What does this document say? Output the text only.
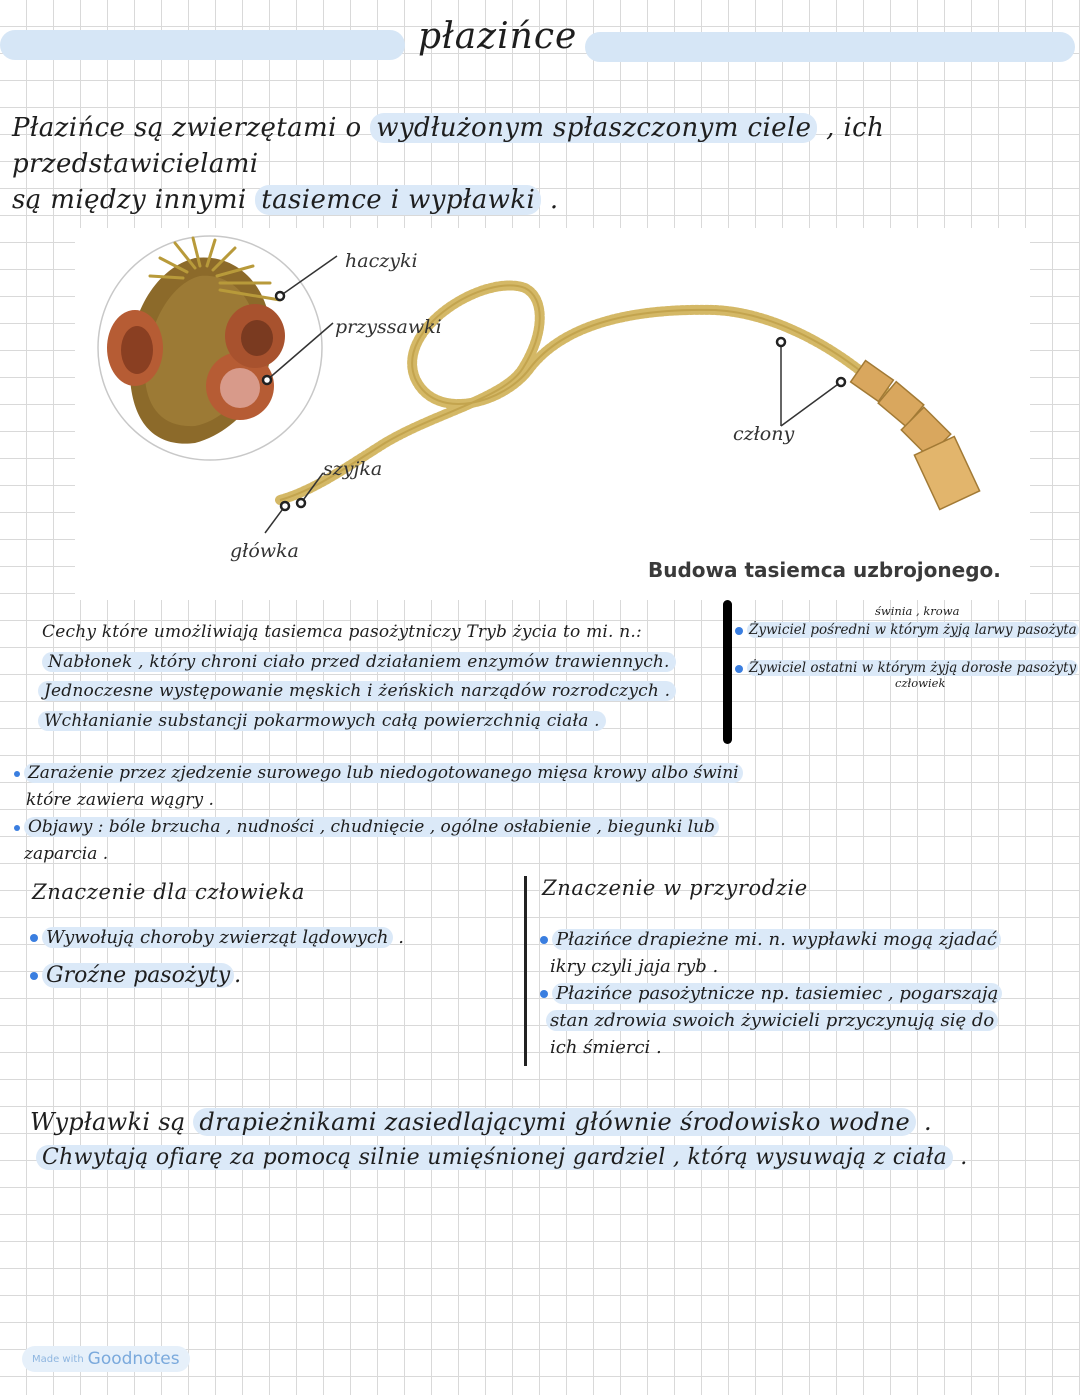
płazińce
Płazińce są zwierzętami o wydłużonym spłaszczonym ciele , ich przedstawicielami
są między innymi tasiemce i wypławki .
haczyki
przyssawki
szyjka
główka
człony
Budowa tasiemca uzbrojonego.
Cechy które umożliwiają tasiemca pasożytniczy Tryb życia to mi. n.:
Nabłonek , który chroni ciało przed działaniem enzymów trawiennych.
Jednoczesne występowanie męskich i żeńskich narządów rozrodczych .
Wchłanianie substancji pokarmowych całą powierzchnią ciała .
świnia , krowa
Żywiciel pośredni w którym żyją larwy pasożyta
Żywiciel ostatni w którym żyją dorosłe pasożyty
człowiek
Zarażenie przez zjedzenie surowego lub niedogotowanego mięsa krowy albo świni
które zawiera wągry .
Objawy : bóle brzucha , nudności , chudnięcie , ogólne osłabienie , biegunki lub
zaparcia .
Znaczenie dla człowieka
Wywołują choroby zwierząt lądowych .
Groźne pasożyty .
Znaczenie w przyrodzie
Płazińce drapieżne mi. n. wypławki mogą zjadać
ikry czyli jaja ryb .
Płazińce pasożytnicze np. tasiemiec , pogarszają
stan zdrowia swoich żywicieli przyczynują się do
ich śmierci .
Wypławki są drapieżnikami zasiedlającymi głównie środowisko wodne .
Chwytają ofiarę za pomocą silnie umięśnionej gardziel , którą wysuwają z ciała .
Made with Goodnotes
